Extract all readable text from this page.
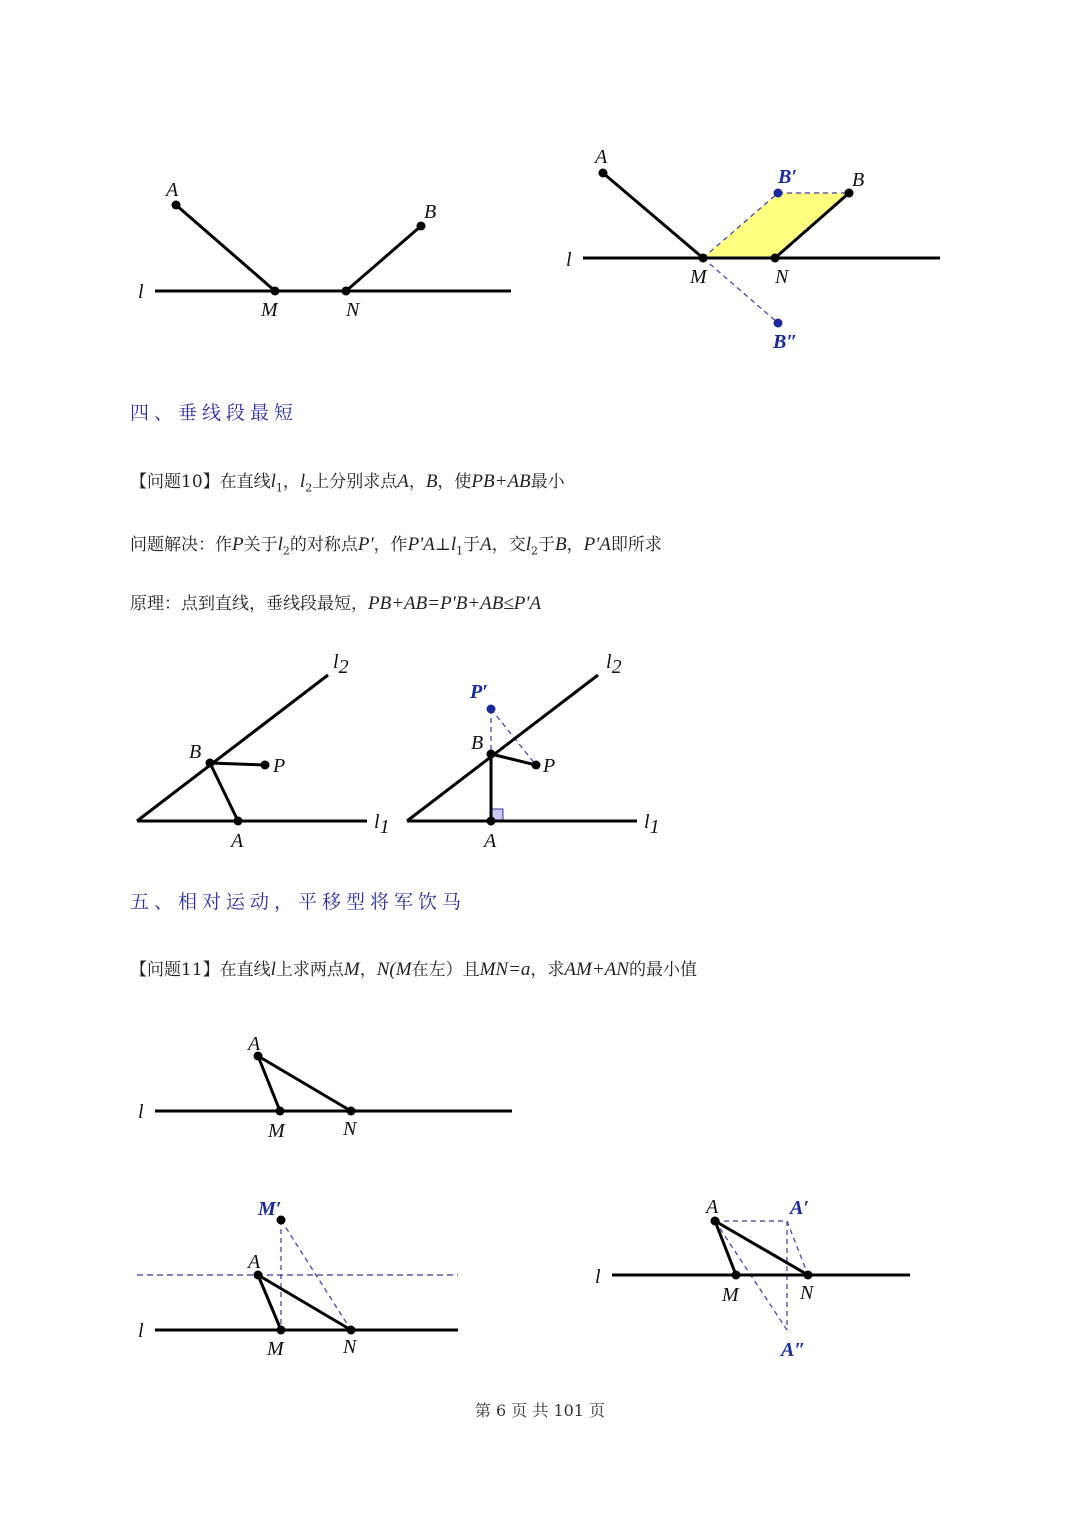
A
B
l
M	N
A
B′	B
l
M	N
B″
l2
B
P
l1
A
l2
P′
B
P
l1
A
A
l
M	N
M′
A
l
M	N
A	A′
l
M	N
A″
四、垂线段最短

【问题10】在直线$l_1$，$l_2$上分别求点A，B，使PB+AB最小

问题解决：作P关于$l_2$的对称点P'，作$P'A\perp l_1$于A，交$l_2$于B，P'A即所求

原理：点到直线，垂线段最短，PB+AB=P'B+AB≤P'A

五、相对运动，平移型将军饮马

【问题11】在直线l上求两点M，N(M在左）且MN=a，求AM+AN的最小值

第 6 页 共 101 页
